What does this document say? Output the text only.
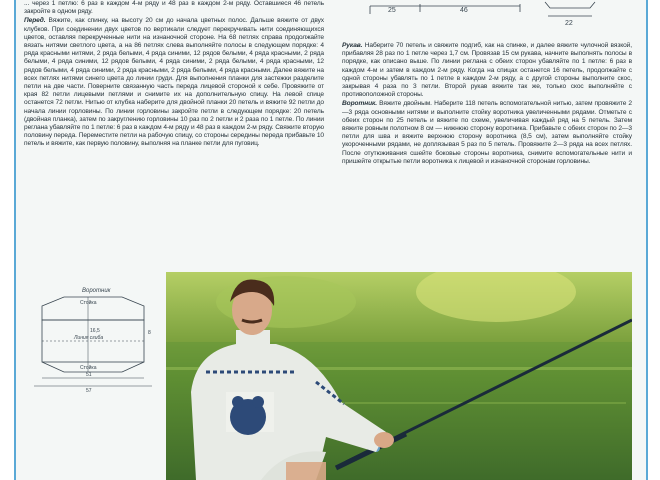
25	46
22

... через 1 петлю: 6 раз в каждом 4-м ряду и 48 раз в каждом 2-м ряду. Оставшиеся 46 петель закройте в одном ряду.

Перед. Вяжите, как спинку, на высоту 20 см до начала цветных полос. Дальше вяжите от двух клубков. При соединении двух цветов по вертикали следует перекручивать нити соединяющихся цветов, оставляя перекрученные нити на изнаночной стороне. На 68 петлях справа продолжайте вязать нитями светлого цвета, а на 86 петлях слева выполняйте полосы в следующем порядке: 4 ряда красными нитями, 2 ряда белыми, 4 ряда синими, 12 рядов белыми, 4 ряда красными, 2 ряда белыми, 4 ряда синими, 12 рядов белыми, 4 ряда синими, 2 ряда белыми, 4 ряда красными, 12 рядов белыми, 4 ряда синими, 2 ряда красными, 2 ряда белыми, 4 ряда красными. Далее вяжите на всех петлях нитями синего цвета до линии груди. Для выполнения планки для застежки разделите петли на две части. Поверните связанную часть переда лицевой стороной к себе. Провяжите от края 82 петли лицевыми петлями и снимите их на дополнительную спицу. На левой спице останется 72 петли. Нитью от клубка наберите для двойной планки 20 петель и вяжите 92 петли до начала линии горловины. По линии горловины закройте петли в следующем порядке: 20 петель (двойная планка), затем по закруглению горловины 10 раз по 2 петли и 2 раза по 1 петле. По линии реглана убавляйте по 1 петле: 6 раз в каждом 4-м ряду и 48 раз в каждом 2-м ряду. Свяжите вторую половину переда. Переместите петли на рабочую спицу, со стороны середины переда прибавьте 10 петель и вяжите, как первую половину, выполняя на планке петли для пуговиц.

Рукав. Наберите 70 петель и свяжите подгиб, как на спинке, и далее вяжите чулочной вязкой, прибавляя 28 раз по 1 петле через 1,7 см. Провязав 15 см рукава, начните выполнять полосы в порядке, как описано выше. По линии реглана с обеих сторон убавляйте по 1 петле: 6 раз в каждом 4-м и затем в каждом 2-м ряду. Когда на спицах останется 16 петель, продолжайте с одной стороны убавлять по 1 петле в каждом 2-м ряду, а с другой стороны выполните скос, закрывая 4 раза по 3 петли. Второй рукав вяжите так же, только скос выполняйте с противоположной стороны.

Воротник. Вяжите двойным. Наберите 118 петель вспомогательной нитью, затем провяжите 2—3 ряда основными нитями и выполните стойку воротника увеличенными рядами. Отметьте с обеих сторон по 25 петель и вяжите по схеме, увеличивая каждый ряд на 5 петель. Затем вяжите ровным полотном 8 см — нижнюю сторону воротника. Прибавьте с обеих сторон по 2—3 петли для шва и вяжите верхнюю сторону воротника (8,5 см), затем выполняйте стойку укороченными рядами, не доплязывая 5 раз по 5 петель. Провяжите 2—3 ряда на всех петлях. После отутюживания сшейте боковые стороны воротника, снимите вспомогательные нити и пришейте открытые петли воротника к лицевой и изнаночной сторонам горловины.

Воротник
Стойка
Линия сгиба
Стойка
16,5
51
57
8
